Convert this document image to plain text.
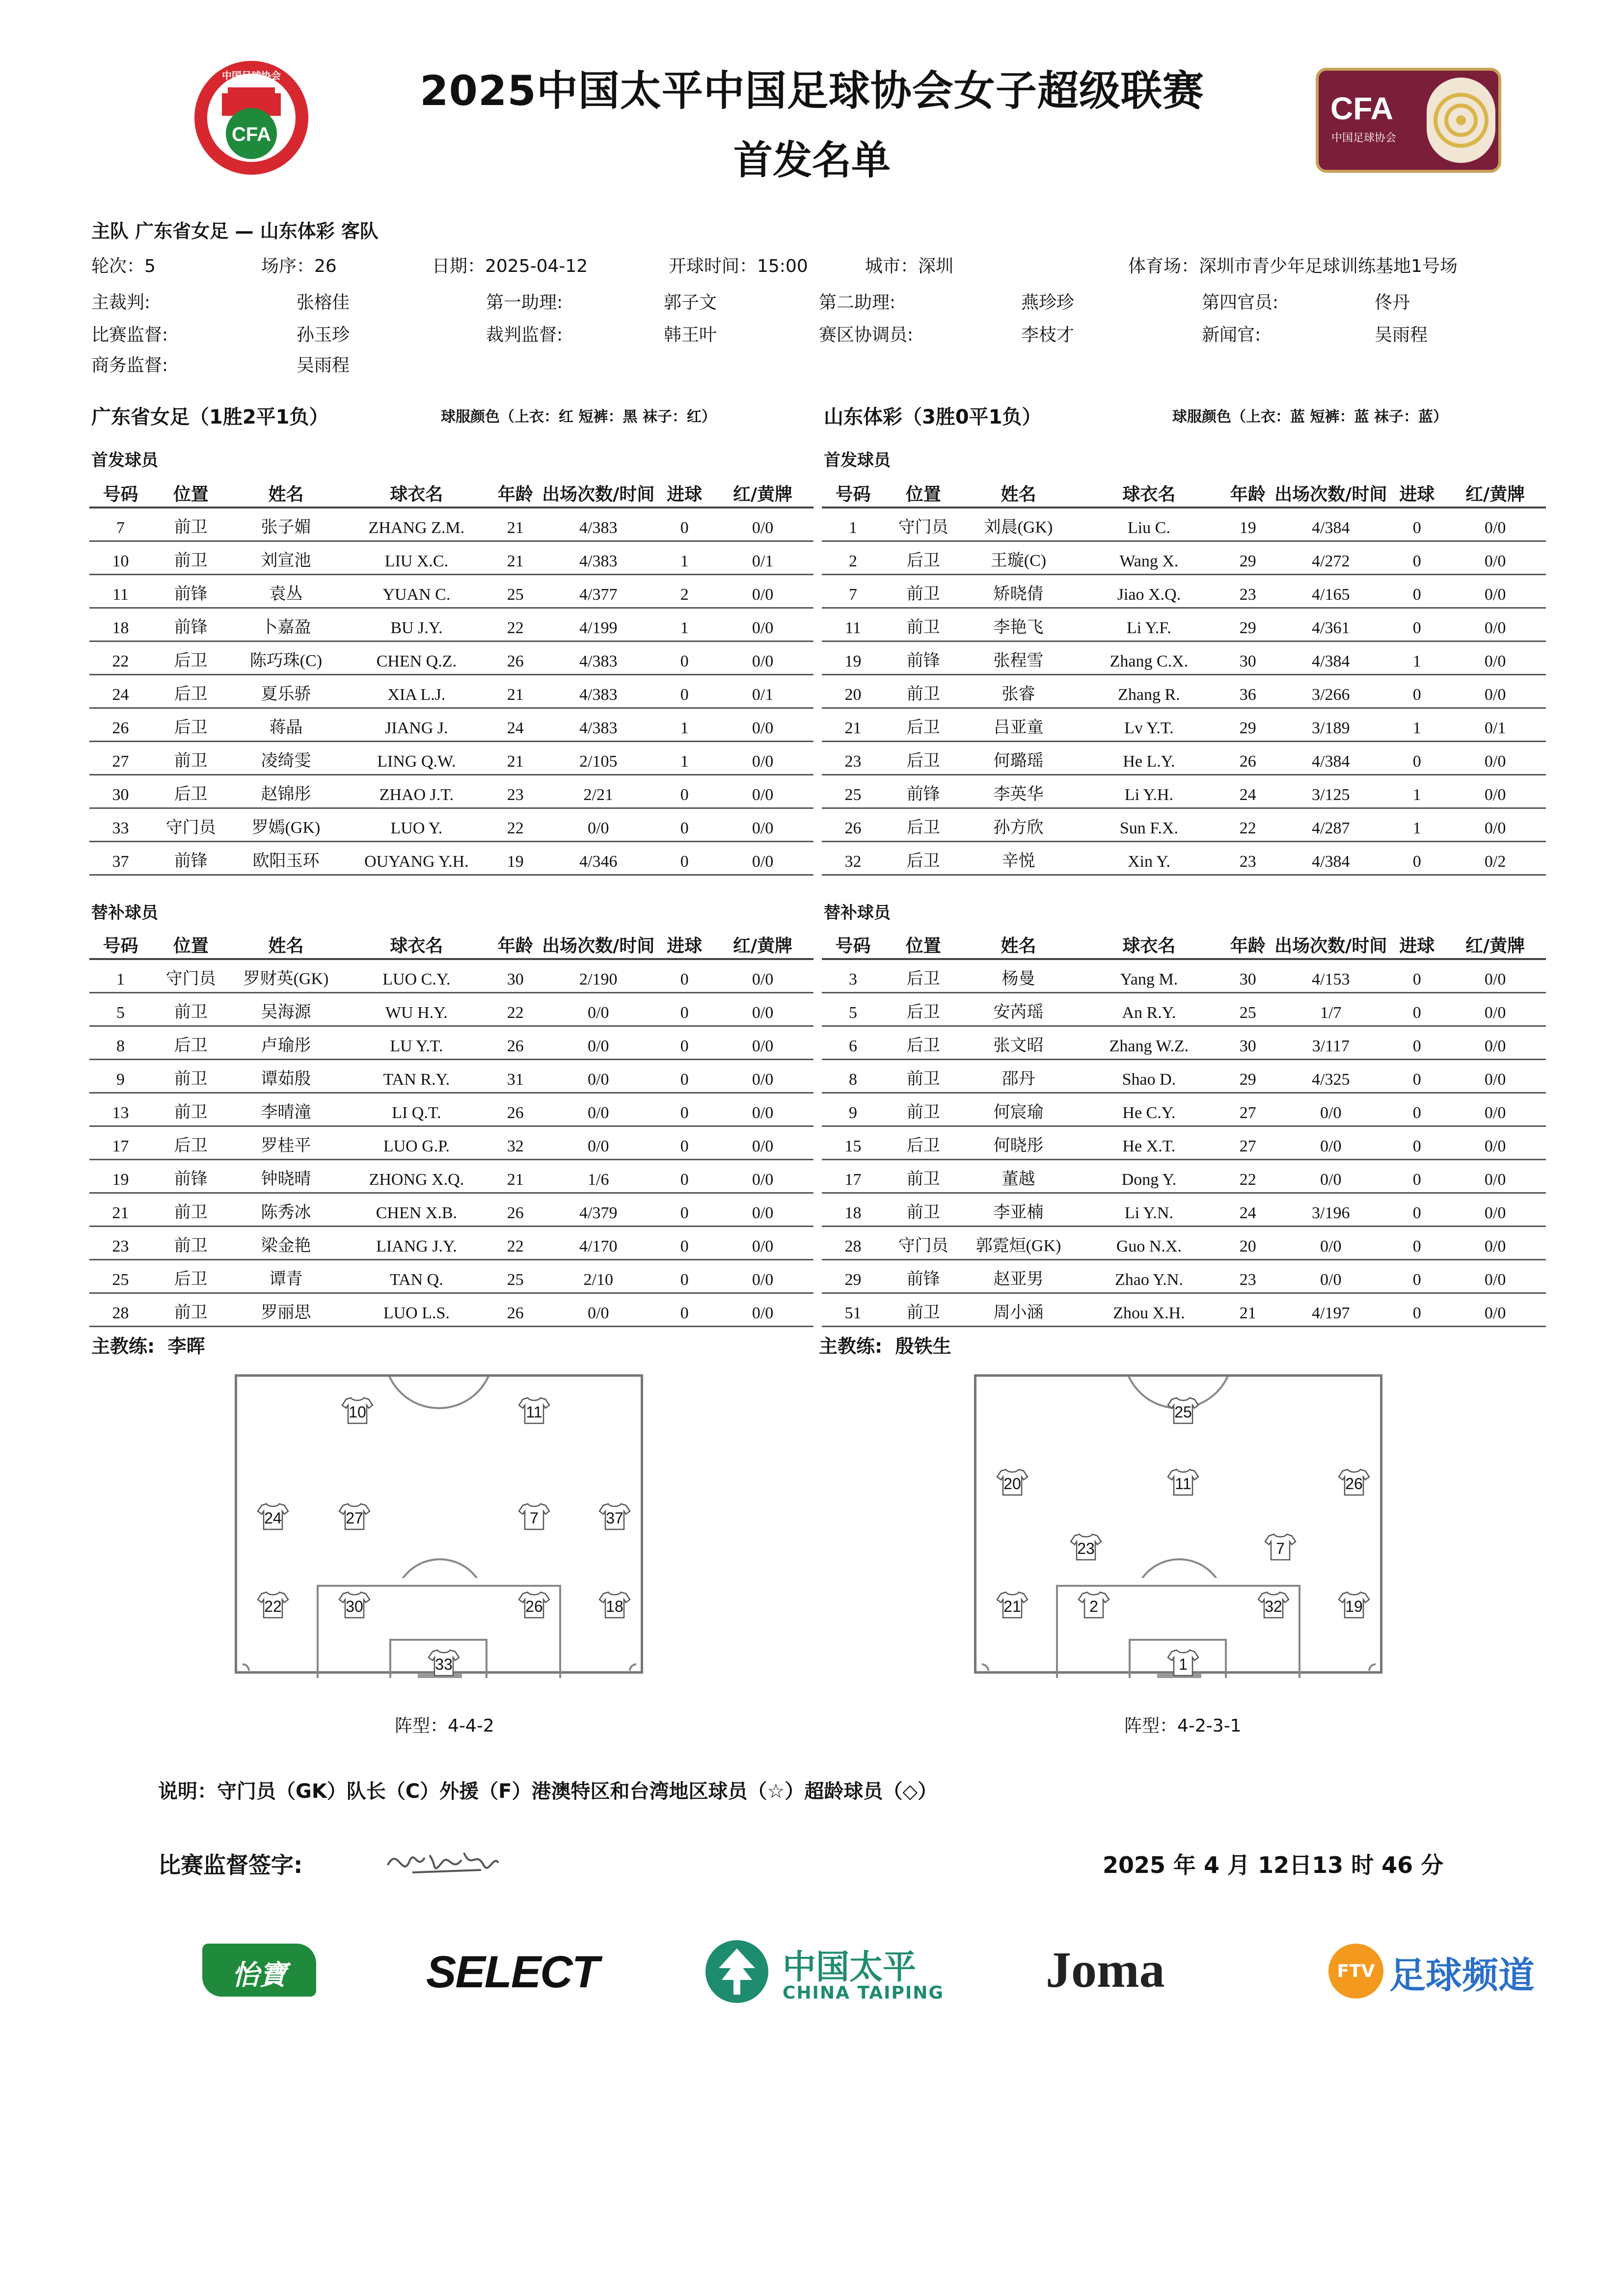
CFA
中国足球协会
CFA
中国足球协会
2025中国太平中国足球协会女子超级联赛
首发名单
主队 广东省女足 — 山东体彩 客队
轮次：5	场序：26	日期：2025-04-12	开球时间：15:00	城市：深圳	体育场：深圳市青少年足球训练基地1号场
主裁判:	张榕佳	第一助理:	郭子文	第二助理:	燕珍珍	第四官员:	佟丹
比赛监督:	孙玉珍	裁判监督:	韩王叶	赛区协调员:	李枝才	新闻官:	吴雨程
商务监督:	吴雨程
广东省女足（1胜2平1负）	球服颜色（上衣：红 短裤：黑 袜子：红）	山东体彩（3胜0平1负）	球服颜色（上衣：蓝 短裤：蓝 袜子：蓝）
首发球员	首发球员
替补球员	替补球员
号码	位置	姓名	球衣名	年龄	出场次数/时间	进球	红/黄牌
7	前卫	张子媚	ZHANG Z.M.	21	4/383	0	0/0
10	前卫	刘宣池	LIU X.C.	21	4/383	1	0/1
11	前锋	袁丛	YUAN C.	25	4/377	2	0/0
18	前锋	卜嘉盈	BU J.Y.	22	4/199	1	0/0
22	后卫	陈巧珠(C)	CHEN Q.Z.	26	4/383	0	0/0
24	后卫	夏乐骄	XIA L.J.	21	4/383	0	0/1
26	后卫	蒋晶	JIANG J.	24	4/383	1	0/0
27	前卫	凌绮雯	LING Q.W.	21	2/105	1	0/0
30	后卫	赵锦彤	ZHAO J.T.	23	2/21	0	0/0
33	守门员	罗嫣(GK)	LUO Y.	22	0/0	0	0/0
37	前锋	欧阳玉环	OUYANG Y.H.	19	4/346	0	0/0
号码	位置	姓名	球衣名	年龄	出场次数/时间	进球	红/黄牌
1	守门员	刘晨(GK)	Liu C.	19	4/384	0	0/0
2	后卫	王璇(C)	Wang X.	29	4/272	0	0/0
7	前卫	矫晓倩	Jiao X.Q.	23	4/165	0	0/0
11	前卫	李艳飞	Li Y.F.	29	4/361	0	0/0
19	前锋	张程雪	Zhang C.X.	30	4/384	1	0/0
20	前卫	张睿	Zhang R.	36	3/266	0	0/0
21	后卫	吕亚童	Lv Y.T.	29	3/189	1	0/1
23	后卫	何璐瑶	He L.Y.	26	4/384	0	0/0
25	前锋	李英华	Li Y.H.	24	3/125	1	0/0
26	后卫	孙方欣	Sun F.X.	22	4/287	1	0/0
32	后卫	辛悦	Xin Y.	23	4/384	0	0/2
号码	位置	姓名	球衣名	年龄	出场次数/时间	进球	红/黄牌
1	守门员	罗财英(GK)	LUO C.Y.	30	2/190	0	0/0
5	前卫	吴海源	WU H.Y.	22	0/0	0	0/0
8	后卫	卢瑜彤	LU Y.T.	26	0/0	0	0/0
9	前卫	谭茹殷	TAN R.Y.	31	0/0	0	0/0
13	前卫	李晴潼	LI Q.T.	26	0/0	0	0/0
17	后卫	罗桂平	LUO G.P.	32	0/0	0	0/0
19	前锋	钟晓晴	ZHONG X.Q.	21	1/6	0	0/0
21	前卫	陈秀冰	CHEN X.B.	26	4/379	0	0/0
23	前卫	梁金艳	LIANG J.Y.	22	4/170	0	0/0
25	后卫	谭青	TAN Q.	25	2/10	0	0/0
28	前卫	罗丽思	LUO L.S.	26	0/0	0	0/0
号码	位置	姓名	球衣名	年龄	出场次数/时间	进球	红/黄牌
3	后卫	杨曼	Yang M.	30	4/153	0	0/0
5	后卫	安芮瑶	An R.Y.	25	1/7	0	0/0
6	后卫	张文昭	Zhang W.Z.	30	3/117	0	0/0
8	前卫	邵丹	Shao D.	29	4/325	0	0/0
9	前卫	何宸瑜	He C.Y.	27	0/0	0	0/0
15	后卫	何晓彤	He X.T.	27	0/0	0	0/0
17	前卫	董越	Dong Y.	22	0/0	0	0/0
18	前卫	李亚楠	Li Y.N.	24	3/196	0	0/0
28	守门员	郭霓烜(GK)	Guo N.X.	20	0/0	0	0/0
29	前锋	赵亚男	Zhao Y.N.	23	0/0	0	0/0
51	前卫	周小涵	Zhou X.H.	21	4/197	0	0/0
主教练:  李晖	主教练:  殷铁生
10	11
24	27	7	37
22	30	26	18
33
25
20	11	26
23	7
21	2	32	19
1
阵型：4-4-2	阵型：4-2-3-1
说明：守门员（GK）队长（C）外援（F）港澳特区和台湾地区球员（☆）超龄球员（◇）
比赛监督签字:	2025 年 4 月 12日13 时 46 分
怡寶	SELECT	中国太平
CHINA TAIPING Joma	FTV 足球频道
